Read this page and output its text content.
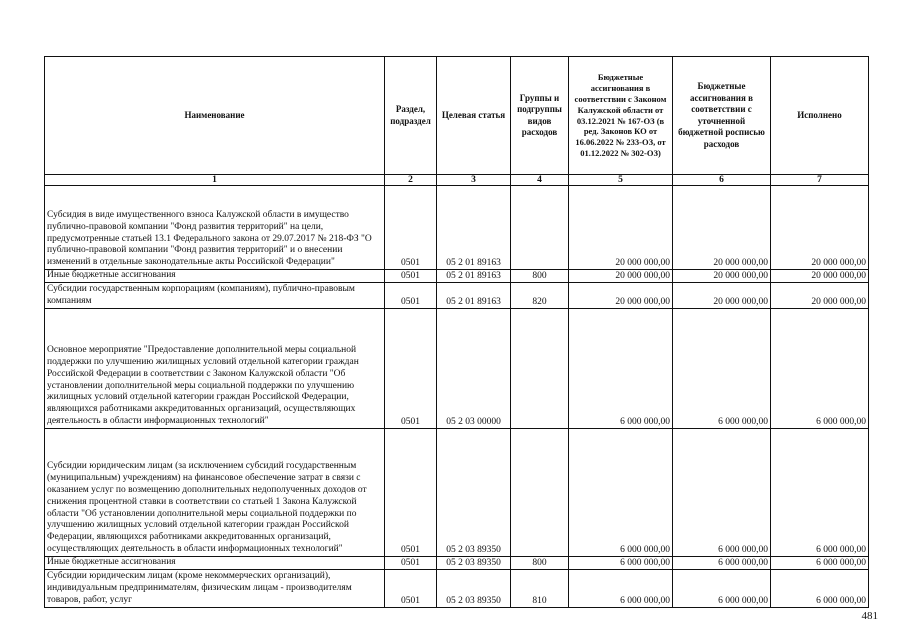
Наименование	Раздел, подраздел	Целевая статья	Группы и подгруппы видов расходов	Бюджетные ассигнования в соответствии с Законом Калужской области от 03.12.2021 № 167-ОЗ (в ред. Законов КО от 16.06.2022 № 233-ОЗ, от 01.12.2022 № 302-ОЗ)	Бюджетные ассигнования в соответствии с уточненной бюджетной росписью расходов	Исполнено
1	2	3	4	5	6	7
Субсидия в виде имущественного взноса Калужской области в имущество публично-правовой компании "Фонд развития территорий" на цели, предусмотренные статьей 13.1 Федерального закона от 29.07.2017 № 218-ФЗ "О публично-правовой компании "Фонд развития территорий" и о внесении изменений в отдельные законодательные акты Российской Федерации"	0501	05 2 01 89163		20 000 000,00	20 000 000,00	20 000 000,00
Иные бюджетные ассигнования	0501	05 2 01 89163	800	20 000 000,00	20 000 000,00	20 000 000,00
Субсидии государственным корпорациям (компаниям), публично-правовым компаниям	0501	05 2 01 89163	820	20 000 000,00	20 000 000,00	20 000 000,00
Основное мероприятие "Предоставление дополнительной меры социальной поддержки по улучшению жилищных условий отдельной категории граждан Российской Федерации в соответствии с Законом Калужской области "Об установлении дополнительной меры социальной поддержки по улучшению жилищных условий отдельной категории граждан Российской Федерации, являющихся работниками аккредитованных организаций, осуществляющих деятельность в области информационных технологий"	0501	05 2 03 00000		6 000 000,00	6 000 000,00	6 000 000,00
Субсидии юридическим лицам (за исключением субсидий государственным (муниципальным) учреждениям) на финансовое обеспечение затрат в связи с оказанием услуг по возмещению дополнительных недополученных доходов от снижения процентной ставки в соответствии со статьей 1 Закона Калужской области "Об установлении дополнительной меры социальной поддержки по улучшению жилищных условий отдельной категории граждан Российской Федерации, являющихся работниками аккредитованных организаций, осуществляющих деятельность в области информационных технологий"	0501	05 2 03 89350		6 000 000,00	6 000 000,00	6 000 000,00
Иные бюджетные ассигнования	0501	05 2 03 89350	800	6 000 000,00	6 000 000,00	6 000 000,00
Субсидии юридическим лицам (кроме некоммерческих организаций), индивидуальным предпринимателям, физическим лицам - производителям товаров, работ, услуг	0501	05 2 03 89350	810	6 000 000,00	6 000 000,00	6 000 000,00
481
